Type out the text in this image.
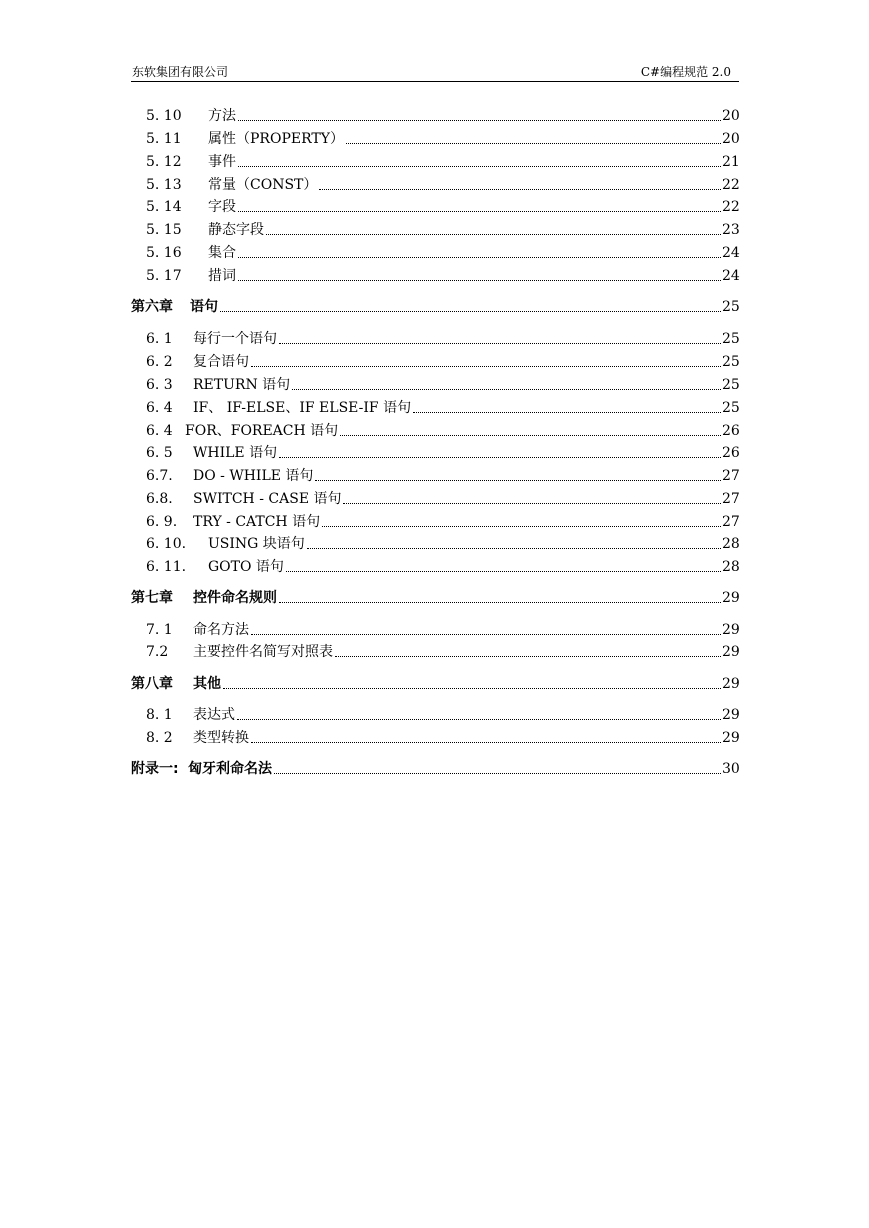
东软集团有限公司	C#编程规范 2.0
5. 10 方法	20
5. 11 属性（PROPERTY）	20
5. 12 事件	21
5. 13 常量（CONST）	22
5. 14 字段	22
5. 15 静态字段	23
5. 16 集合	24
5. 17 措词	24
第六章 语句	25
6. 1 每行一个语句	25
6. 2 复合语句	25
6. 3 RETURN 语句	25
6. 4 IF、 IF-ELSE、IF ELSE-IF 语句	25
6. 4 FOR、FOREACH 语句	26
6. 5 WHILE 语句	26
6.7. DO - WHILE 语句	27
6.8. SWITCH - CASE 语句	27
6. 9. TRY - CATCH 语句	27
6. 10. USING 块语句	28
6. 11. GOTO 语句	28
第七章 控件命名规则	29
7. 1 命名方法	29
7.2 主要控件名简写对照表	29
第八章 其他	29
8. 1 表达式	29
8. 2 类型转换	29
附录一: 匈牙利命名法	30
